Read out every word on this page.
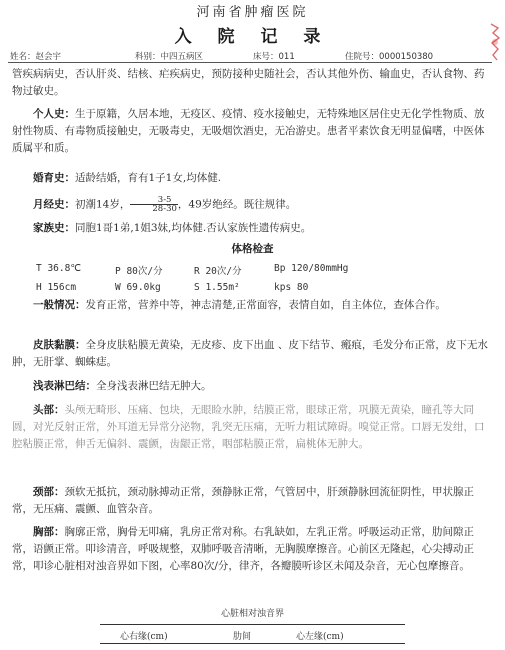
河南省肿瘤医院
入 院 记 录
姓名：赵会宇	科别：中四五病区	床号：011	住院号：0000150380
管疾病病史，否认肝炎、结核、疟疾病史，预防接种史随社会，否认其他外伤、输血史，否认食物、药物过敏史。
个人史：生于原籍，久居本地，无疫区、疫情、疫水接触史，无特殊地区居住史无化学性物质、放射性物质、有毒物质接触史，无吸毒史，无吸烟饮酒史，无冶游史。患者平素饮食无明显偏嗜，中医体质属平和质。
婚育史：适龄结婚，育有1子1女,均体健.
月经史：初潮14岁， $\frac{3-5}{28-30}$ ，49岁绝经。既往规律。
家族史：同胞1哥1弟,1姐3妹,均体健.否认家族性遗传病史。
体格检查
T 36.8℃	P 80次/分	R 20次/分	Bp 120/80mmHg
H 156cm	W 69.0kg	S 1.55m²	kps 80
一般情况：发育正常，营养中等，神志清楚,正常面容，表情自如，自主体位，查体合作。
皮肤黏膜：全身皮肤粘膜无黄染，无皮疹、皮下出血 、皮下结节、瘢痕，毛发分布正常，皮下无水肿，无肝掌、蜘蛛痣。
浅表淋巴结：全身浅表淋巴结无肿大。
头部：头颅无畸形、压痛、包块，无眼睑水肿，结膜正常，眼球正常，巩膜无黄染，瞳孔等大同圆，对光反射正常，外耳道无异常分泌物，乳突无压痛，无听力粗试障碍。嗅觉正常。口唇无发绀，口腔粘膜正常，伸舌无偏斜、震颤，齿龈正常，咽部粘膜正常，扁桃体无肿大。
颈部：颈软无抵抗，颈动脉搏动正常，颈静脉正常，气管居中，肝颈静脉回流征阴性，甲状腺正常，无压痛、震颤、血管杂音。
胸部：胸廓正常，胸骨无叩痛，乳房正常对称。右乳缺如，左乳正常。呼吸运动正常，肋间隙正常，语颤正常。叩诊清音，呼吸规整，双肺呼吸音清晰，无胸膜摩擦音。心前区无隆起，心尖搏动正常，叩诊心脏相对浊音界如下图，心率80次/分，律齐，各瓣膜听诊区未闻及杂音，无心包摩擦音。
心脏相对浊音界
心右缘(cm)	肋间	心左缘(cm)
